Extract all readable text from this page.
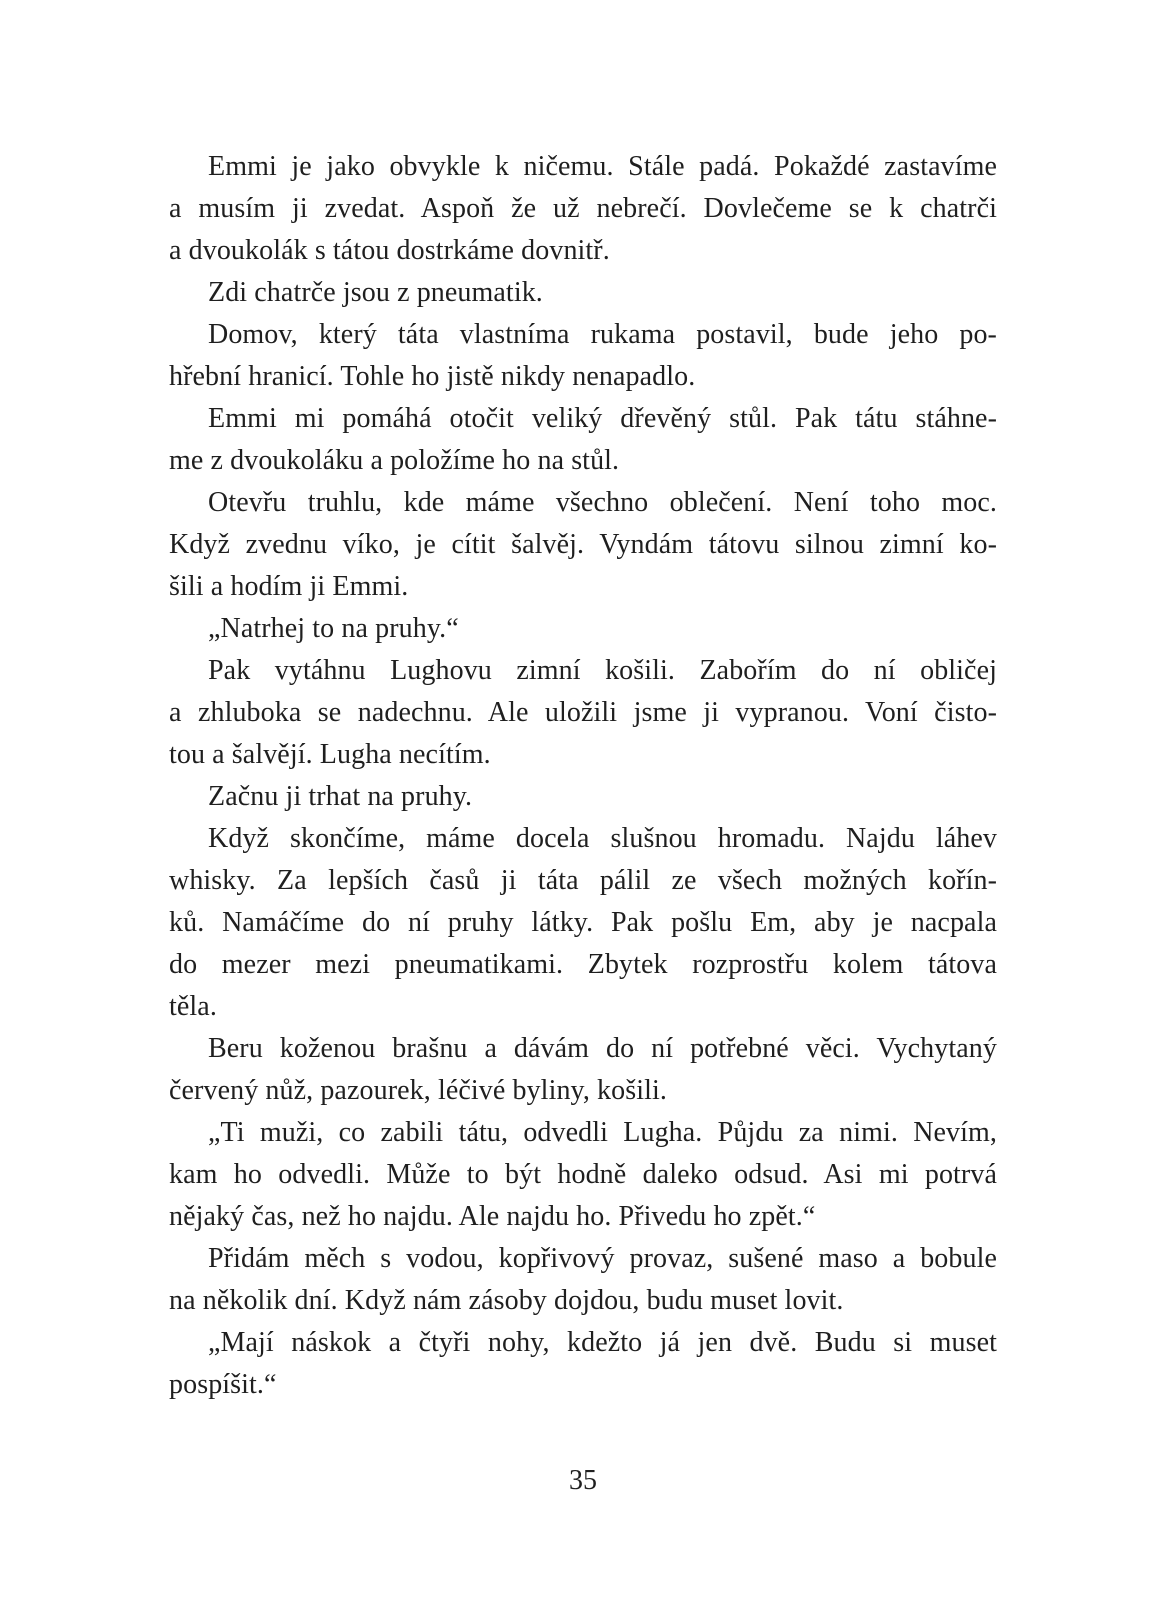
Emmi je jako obvykle k ničemu. Stále padá. Pokaždé zastavíme
a musím ji zvedat. Aspoň že už nebrečí. Dovlečeme se k chatrči
a dvoukolák s tátou dostrkáme dovnitř.
Zdi chatrče jsou z pneumatik.
Domov, který táta vlastníma rukama postavil, bude jeho po-
hřební hranicí. Tohle ho jistě nikdy nenapadlo.
Emmi mi pomáhá otočit veliký dřevěný stůl. Pak tátu stáhne-
me z dvoukoláku a položíme ho na stůl.
Otevřu truhlu, kde máme všechno oblečení. Není toho moc.
Když zvednu víko, je cítit šalvěj. Vyndám tátovu silnou zimní ko-
šili a hodím ji Emmi.
„Natrhej to na pruhy.“
Pak vytáhnu Lughovu zimní košili. Zabořím do ní obličej
a zhluboka se nadechnu. Ale uložili jsme ji vypranou. Voní čisto-
tou a šalvějí. Lugha necítím.
Začnu ji trhat na pruhy.
Když skončíme, máme docela slušnou hromadu. Najdu láhev
whisky. Za lepších časů ji táta pálil ze všech možných kořín-
ků. Namáčíme do ní pruhy látky. Pak pošlu Em, aby je nacpala
do mezer mezi pneumatikami. Zbytek rozprostřu kolem tátova
těla.
Beru koženou brašnu a dávám do ní potřebné věci. Vychytaný
červený nůž, pazourek, léčivé byliny, košili.
„Ti muži, co zabili tátu, odvedli Lugha. Půjdu za nimi. Nevím,
kam ho odvedli. Může to být hodně daleko odsud. Asi mi potrvá
nějaký čas, než ho najdu. Ale najdu ho. Přivedu ho zpět.“
Přidám měch s vodou, kopřivový provaz, sušené maso a bobule
na několik dní. Když nám zásoby dojdou, budu muset lovit.
„Mají náskok a čtyři nohy, kdežto já jen dvě. Budu si muset
pospíšit.“
35
